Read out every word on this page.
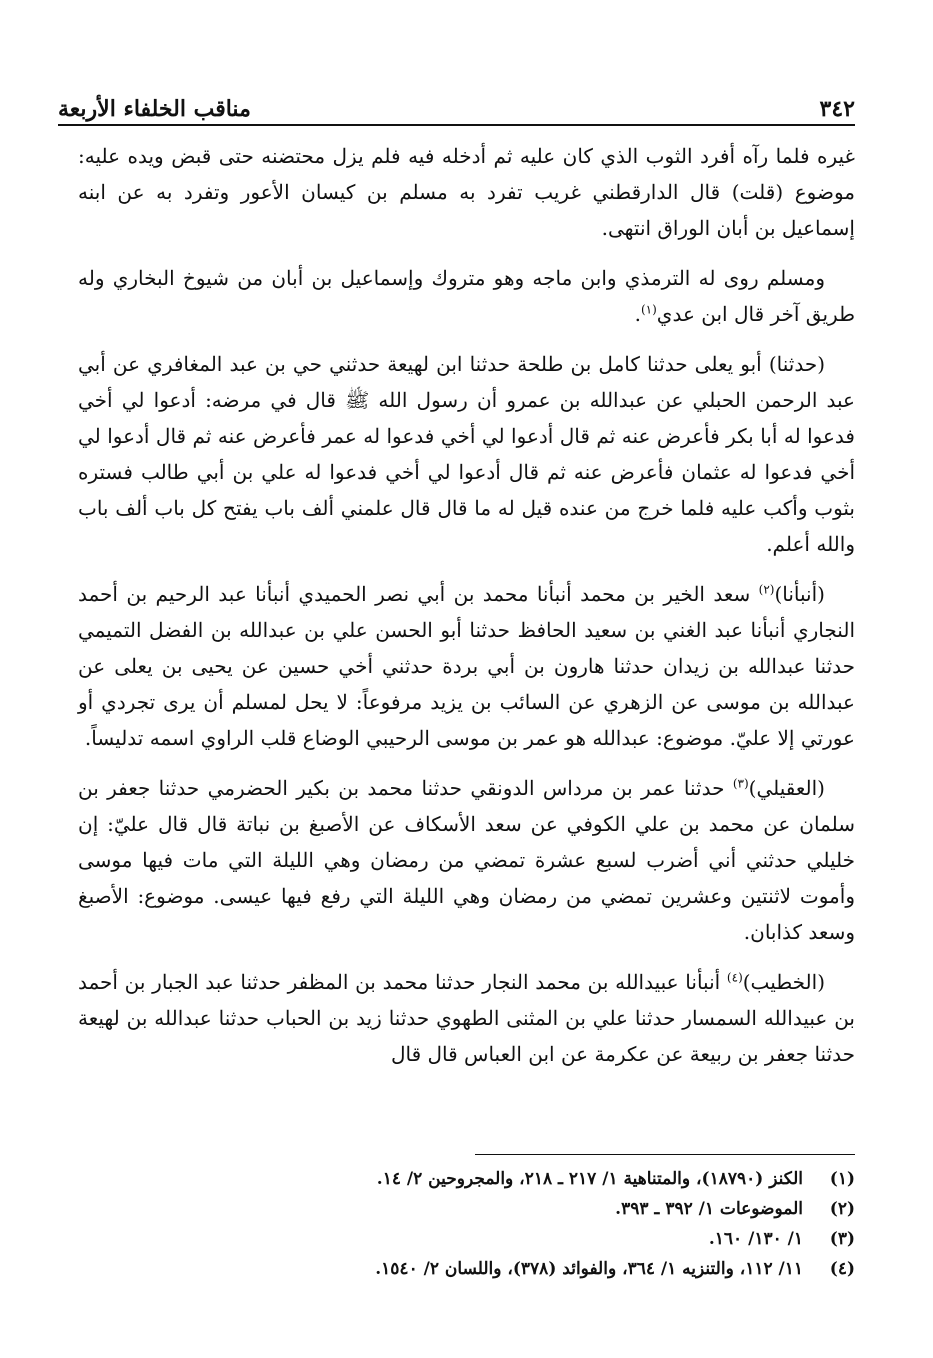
٣٤٢
مناقب الخلفاء الأربعة

غيره فلما رآه أفرد الثوب الذي كان عليه ثم أدخله فيه فلم يزل محتضنه حتى قبض ويده عليه: موضوع (قلت) قال الدارقطني غريب تفرد به مسلم بن كيسان الأعور وتفرد به عن ابنه إسماعيل بن أبان الوراق انتهى.

ومسلم روى له الترمذي وابن ماجه وهو متروك وإسماعيل بن أبان من شيوخ البخاري وله طريق آخر قال ابن عدي$^{(١)}$.

(حدثنا) أبو يعلى حدثنا كامل بن طلحة حدثنا ابن لهيعة حدثني حي بن عبد المغافري عن أبي عبد الرحمن الحبلي عن عبدالله بن عمرو أن رسول الله ﷺ قال في مرضه: أدعوا لي أخي فدعوا له أبا بكر فأعرض عنه ثم قال أدعوا لي أخي فدعوا له عمر فأعرض عنه ثم قال أدعوا لي أخي فدعوا له عثمان فأعرض عنه ثم قال أدعوا لي أخي فدعوا له علي بن أبي طالب فستره بثوب وأكب عليه فلما خرج من عنده قيل له ما قال قال علمني ألف باب يفتح كل باب ألف باب والله أعلم.

(أنبأنا)$^{(٢)}$ سعد الخير بن محمد أنبأنا محمد بن أبي نصر الحميدي أنبأنا عبد الرحيم بن أحمد النجاري أنبأنا عبد الغني بن سعيد الحافظ حدثنا أبو الحسن علي بن عبدالله بن الفضل التميمي حدثنا عبدالله بن زيدان حدثنا هارون بن أبي بردة حدثني أخي حسين عن يحيى بن يعلى عن عبدالله بن موسى عن الزهري عن السائب بن يزيد مرفوعاً: لا يحل لمسلم أن يرى تجردي أو عورتي إلا عليّ. موضوع: عبدالله هو عمر بن موسى الرحيبي الوضاع قلب الراوي اسمه تدليساً.

(العقيلي)$^{(٣)}$ حدثنا عمر بن مرداس الدونقي حدثنا محمد بن بكير الحضرمي حدثنا جعفر بن سلمان عن محمد بن علي الكوفي عن سعد الأسكاف عن الأصبغ بن نباتة قال قال عليّ: إن خليلي حدثني أني أضرب لسبع عشرة تمضي من رمضان وهي الليلة التي مات فيها موسى وأموت لاثنتين وعشرين تمضي من رمضان وهي الليلة التي رفع فيها عيسى. موضوع: الأصبغ وسعد كذابان.

(الخطيب)$^{(٤)}$ أنبأنا عبيدالله بن محمد النجار حدثنا محمد بن المظفر حدثنا عبد الجبار بن أحمد بن عبيدالله السمسار حدثنا علي بن المثنى الطهوي حدثنا زيد بن الحباب حدثنا عبدالله بن لهيعة حدثنا جعفر بن ربيعة عن عكرمة عن ابن العباس قال قال

(١)
الكنز (١٨٧٩٠)، والمتناهية ١/ ٢١٧ ـ ٢١٨، والمجروحين ٢/ ١٤.
(٢)
الموضوعات ١/ ٣٩٢ ـ ٣٩٣.
(٣)
١/ ١٣٠/ ١٦٠.
(٤)
١١/ ١١٢، والتنزيه ١/ ٣٦٤، والفوائد (٣٧٨)، واللسان ٢/ ١٥٤٠.
